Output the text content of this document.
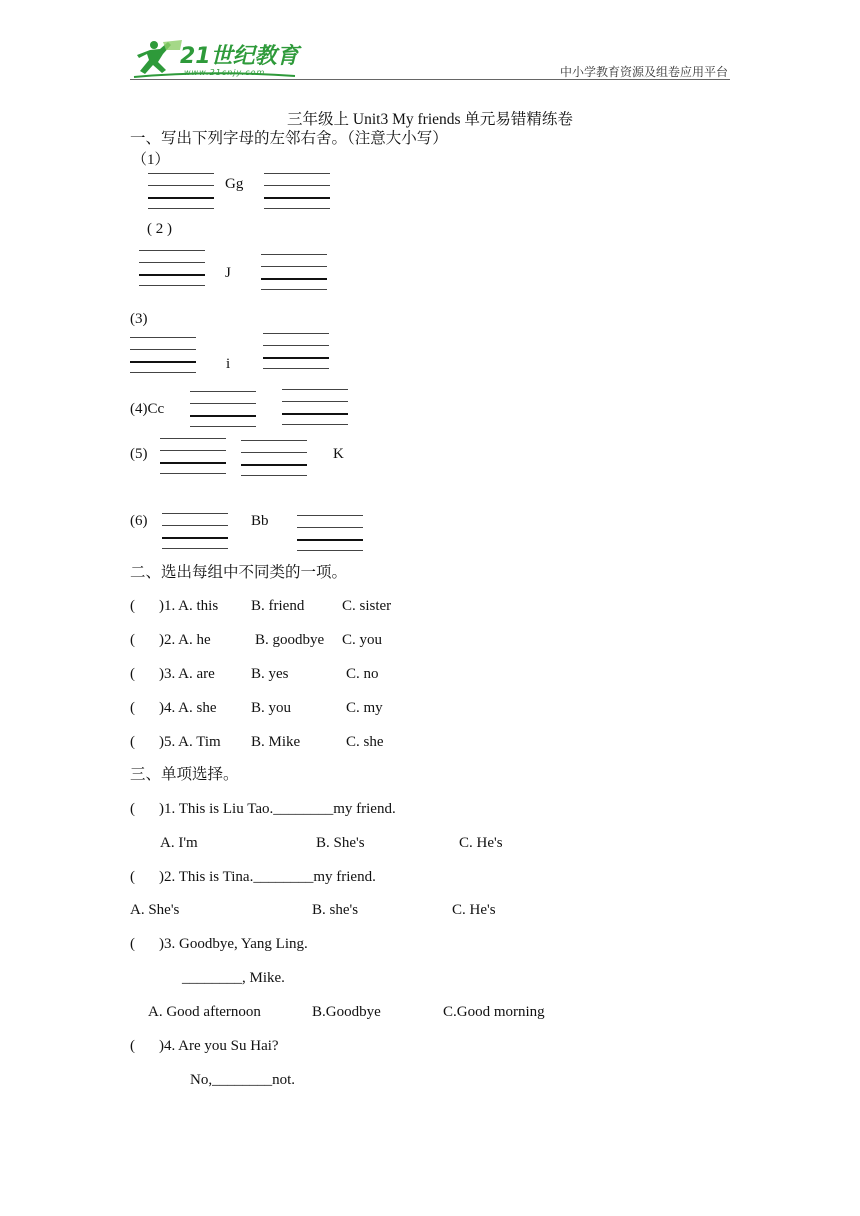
21世纪教育
www.21cnjy.com	中小学教育资源及组卷应用平台
三年级上 Unit3 My friends 单元易错精练卷
一、写出下列字母的左邻右舍。（注意大小写）
（1）
Gg
( 2 )
J
(3)
i
(4)Cc
(5)	K
(6)	Bb
二、选出每组中不同类的一项。
( )1. A. this B. friend	C. sister
( )2. A. he	B. goodbye C. you
( )3. A. are B. yes	C. no
( )4. A. she B. you	C. my
( )5. A. Tim B. Mike	C. she
三、单项选择。
( )1. This is Liu Tao.________my friend.
A. I'm	B. She's	C. He's
( )2. This is Tina.________my friend.
A. She's	B. she's	C. He's
( )3. Goodbye, Yang Ling.
________, Mike.
A. Good afternoon	B.Goodbye	C.Good morning
( )4. Are you Su Hai?
No,________not.
